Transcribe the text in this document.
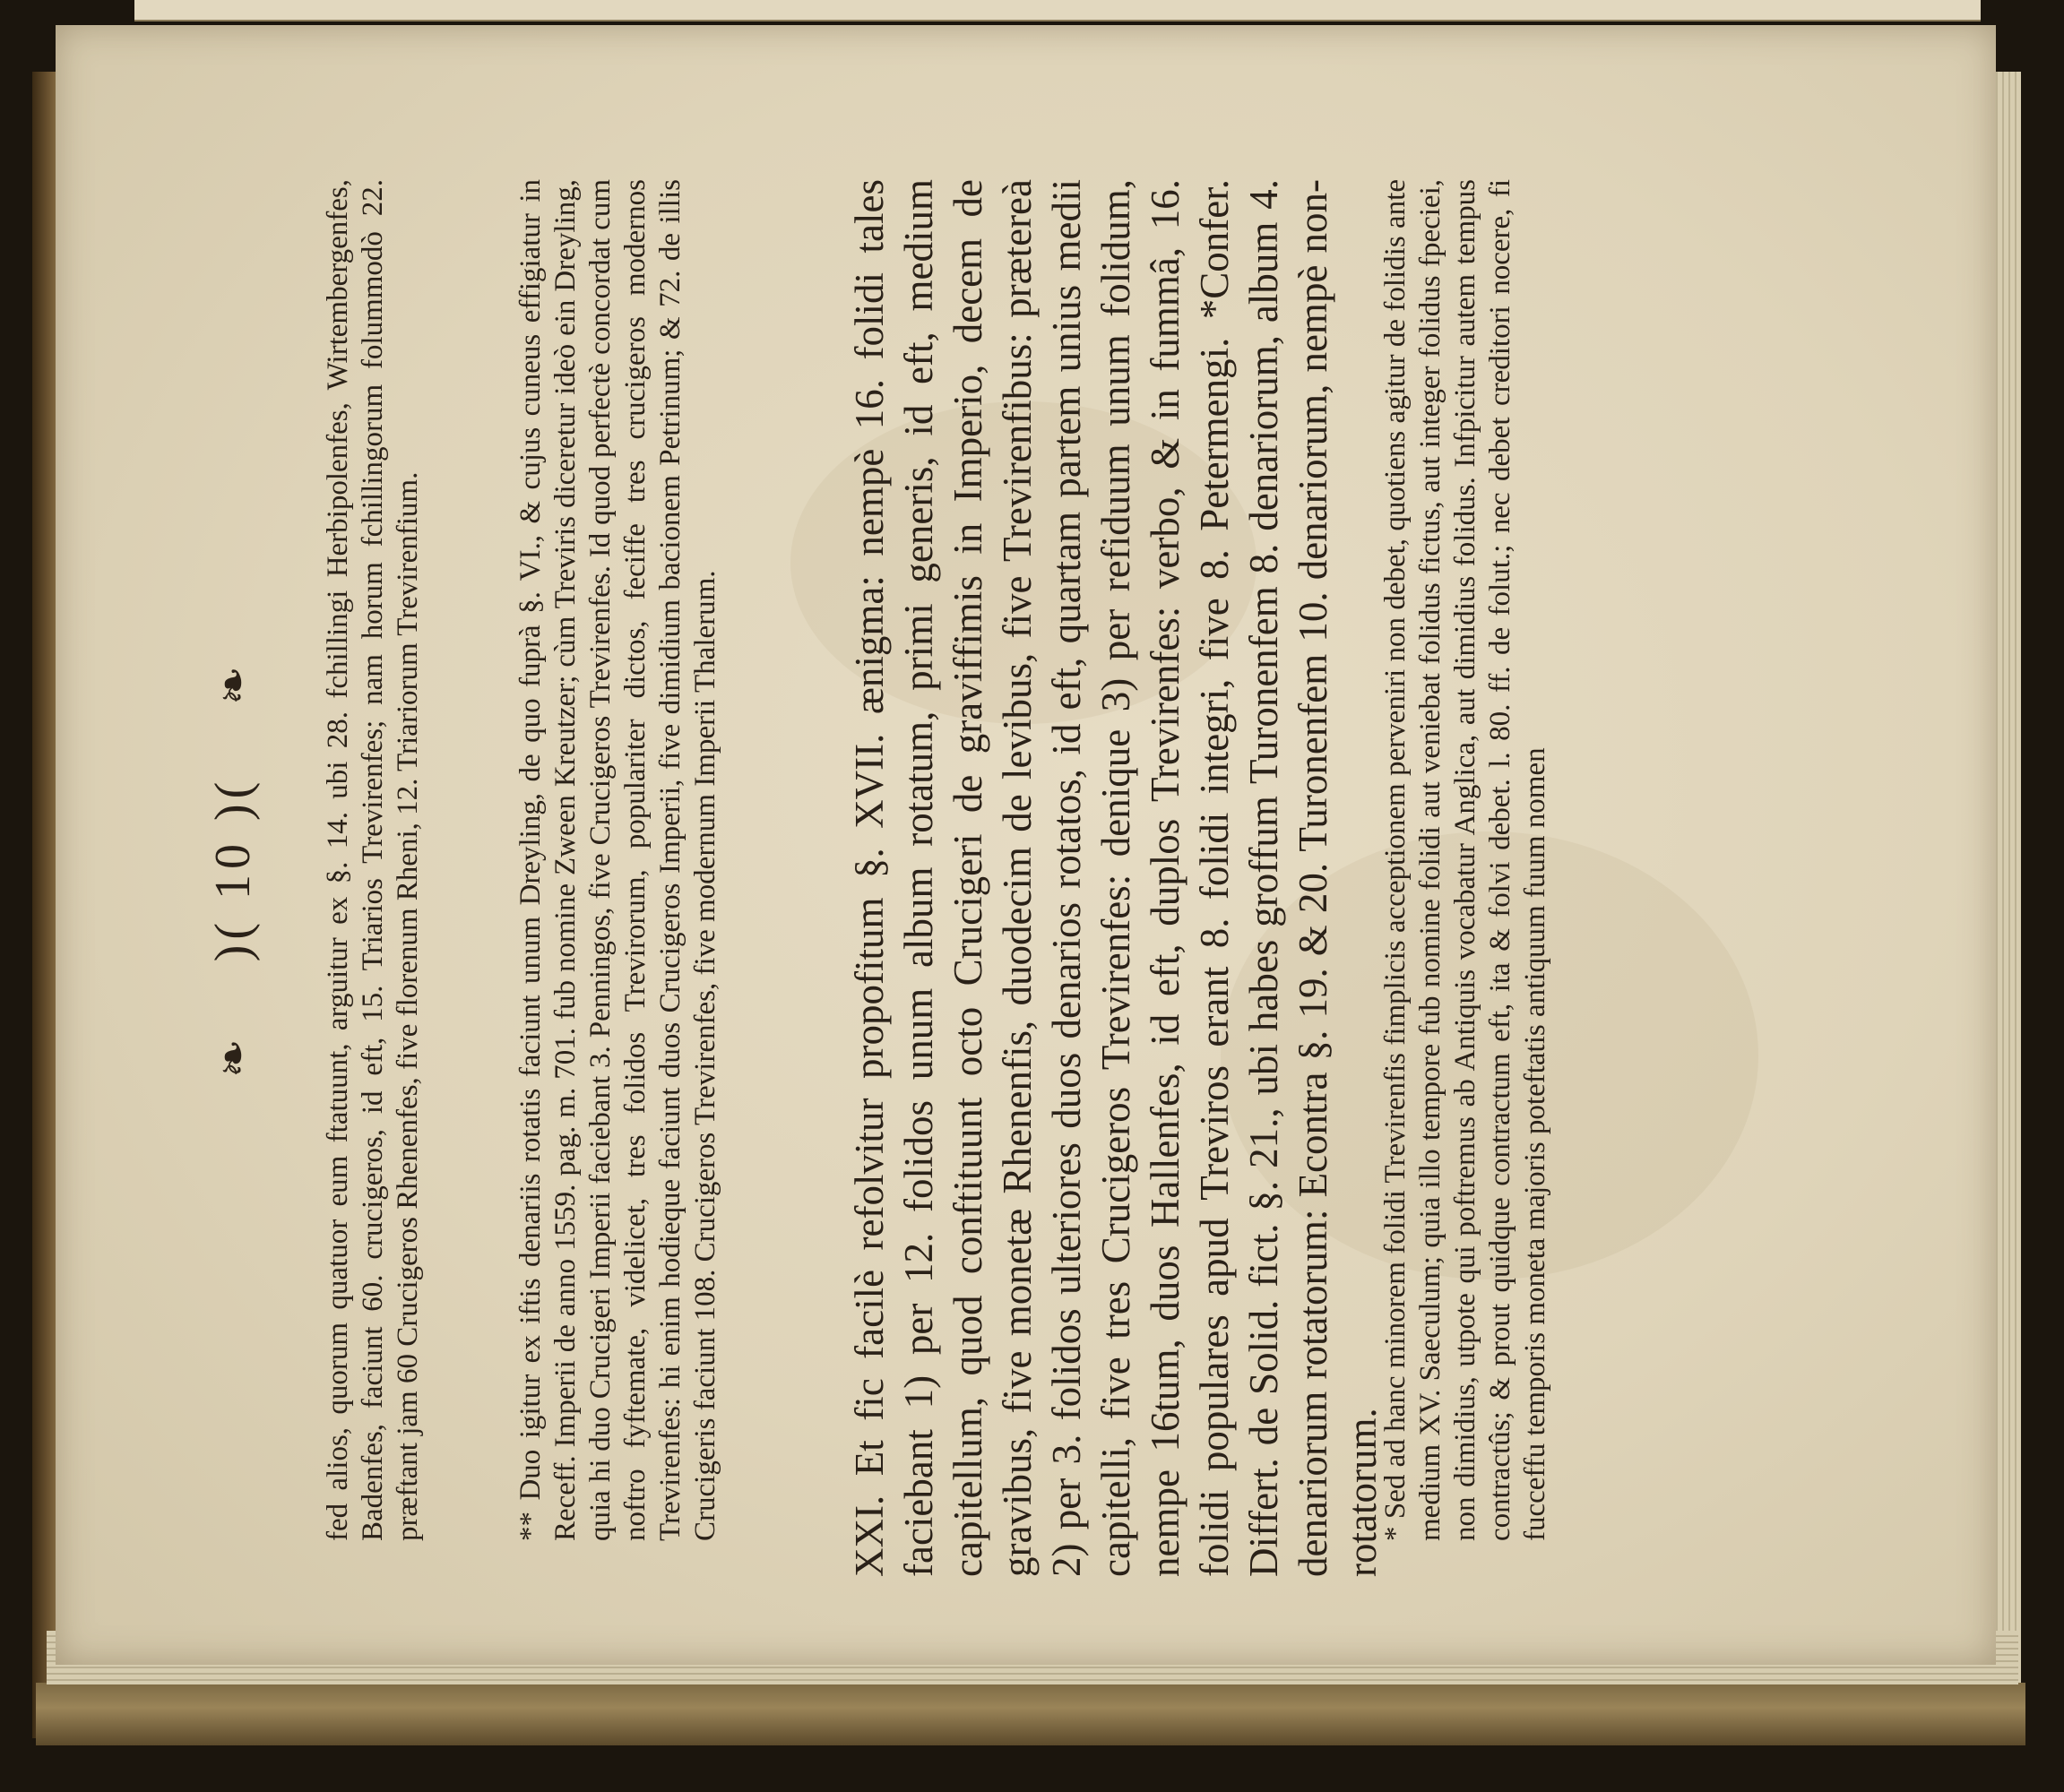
❧ )( 10 )( ❧ fed alios, quorum quatuor eum ftatuunt, arguitur ex §. 14. ubi 28. fchillingi Herbipolenfes, Wirtembergenfes, Badenfes, faciunt 60. crucigeros, id eft, 15. Triarios Trevirenfes; nam horum fchillingorum folummodò 22. præftant jam 60 Crucigeros Rhenenfes, five florenum Rheni, 12. Triariorum Trevirenfium.	** Duo igitur ex iftis denariis rotatis faciunt unum Dreyling, de quo fuprà §. VI., & cujus cuneus effigiatur in Receff. Imperii de anno 1559. pag. m. 701. fub nomine Zween Kreutzer; cùm Treviris diceretur ideò ein Dreyling, quia hi duo Crucigeri Imperii faciebant 3. Penningos, five Crucigeros Trevirenfes. Id quod perfectè concordat cum noftro fyftemate, videlicet, tres folidos Trevirorum, populariter dictos, feciffe tres crucigeros modernos Trevirenfes: hi enim hodieque faciunt duos Crucigeros Imperii, five dimidium bacionem Petrinum; & 72. de illis Crucigeris faciunt 108. Crucigeros Trevirenfes, five modernum Imperii Thalerum.	XXI. Et fic facilè refolvitur propofitum §. XVII. ænigma: nempè 16. folidi tales faciebant 1) per 12. folidos unum album rotatum, primi generis, id eft, medium capitellum, quod conftituunt octo Crucigeri de graviffimis in Imperio, decem de gravibus, five monetæ Rhenenfis, duodecim de levibus, five Trevirenfibus: prætereà 2) per 3. folidos ulteriores duos denarios rotatos, id eft, quartam partem unius medii capitelli, five tres Crucigeros Trevirenfes: denique 3) per refiduum unum folidum, nempe 16tum, duos Hallenfes, id eft, duplos Trevirenfes: verbo, & in fummâ, 16. folidi populares apud Treviros erant 8. folidi integri, five 8. Petermengi. *Confer. Differt. de Solid. fict. §. 21., ubi habes groffum Turonenfem 8. denariorum, album 4. denariorum rotatorum: Econtra §. 19. & 20. Turonenfem 10. denariorum, nempè non-rotatorum.
* Sed ad hanc minorem folidi Trevirenfis fimplicis acceptionem perveniri non debet, quotiens agitur de folidis ante medium XV. Saeculum; quia illo tempore fub nomine folidi aut veniebat folidus fictus, aut integer folidus fpeciei, non dimidius, utpote qui poftremus ab Antiquis vocabatur Anglica, aut dimidius folidus. Infpicitur autem tempus contractûs; & prout quidque contractum eft, ita & folvi debet. l. 80. ff. de folut.; nec debet creditori nocere, fi fucceffu temporis moneta majoris poteftatis antiquum fuum nomen
